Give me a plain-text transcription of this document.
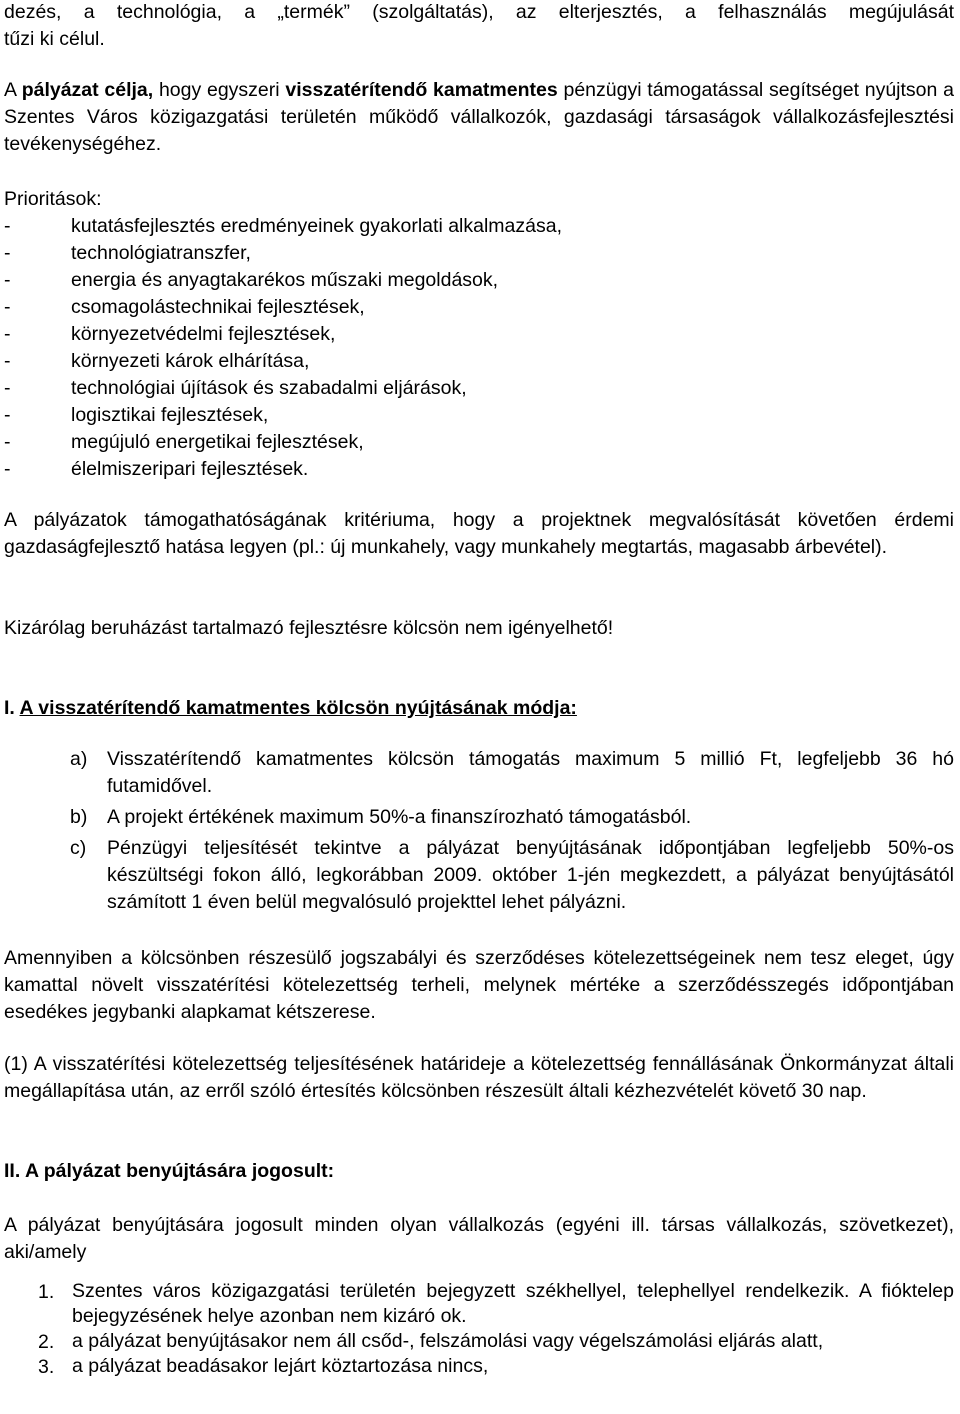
dezés, a technológia, a „termék” (szolgáltatás), az elterjesztés, a felhasználás megújulását

tűzi ki célul.

A pályázat célja, hogy egyszeri visszatérítendő kamatmentes pénzügyi támogatással segítséget nyújtson a Szentes Város közigazgatási területén működő vállalkozók, gazdasági társaságok vállalkozásfejlesztési tevékenységéhez.

Prioritások:

-	kutatásfejlesztés eredményeinek gyakorlati alkalmazása,
-	technológiatranszfer,
-	energia és anyagtakarékos műszaki megoldások,
-	csomagolástechnikai fejlesztések,
-	környezetvédelmi fejlesztések,
-	környezeti károk elhárítása,
-	technológiai újítások és szabadalmi eljárások,
-	logisztikai fejlesztések,
-	megújuló energetikai fejlesztések,
-	élelmiszeripari fejlesztések.

A pályázatok támogathatóságának kritériuma, hogy a projektnek megvalósítását követően érdemi gazdaságfejlesztő hatása legyen (pl.: új munkahely, vagy munkahely megtartás, magasabb árbevétel).

Kizárólag beruházást tartalmazó fejlesztésre kölcsön nem igényelhető!

I. A visszatérítendő kamatmentes kölcsön nyújtásának módja:

a) Visszatérítendő kamatmentes kölcsön támogatás maximum 5 millió Ft, legfeljebb 36 hó futamidővel.
b) A projekt értékének maximum 50%-a finanszírozható támogatásból.
c) Pénzügyi teljesítését tekintve a pályázat benyújtásának időpontjában legfeljebb 50%-os készültségi fokon álló, legkorábban 2009. október 1-jén megkezdett, a pályázat benyújtásától számított 1 éven belül megvalósuló projekttel lehet pályázni.

Amennyiben a kölcsönben részesülő jogszabályi és szerződéses kötelezettségeinek nem tesz eleget, úgy kamattal növelt visszatérítési kötelezettség terheli, melynek mértéke a szerződésszegés időpontjában esedékes jegybanki alapkamat kétszerese.

(1) A visszatérítési kötelezettség teljesítésének határideje a kötelezettség fennállásának Önkormányzat általi megállapítása után, az erről szóló értesítés kölcsönben részesült általi kézhezvételét követő 30 nap.

II. A pályázat benyújtására jogosult:

A pályázat benyújtására jogosult minden olyan vállalkozás (egyéni ill. társas vállalkozás, szövetkezet), aki/amely

1. Szentes város közigazgatási területén bejegyzett székhellyel, telephellyel rendelkezik. A fióktelep bejegyzésének helye azonban nem kizáró ok.
2. a pályázat benyújtásakor nem áll csőd-, felszámolási vagy végelszámolási eljárás alatt,
3. a pályázat beadásakor lejárt köztartozása nincs,
